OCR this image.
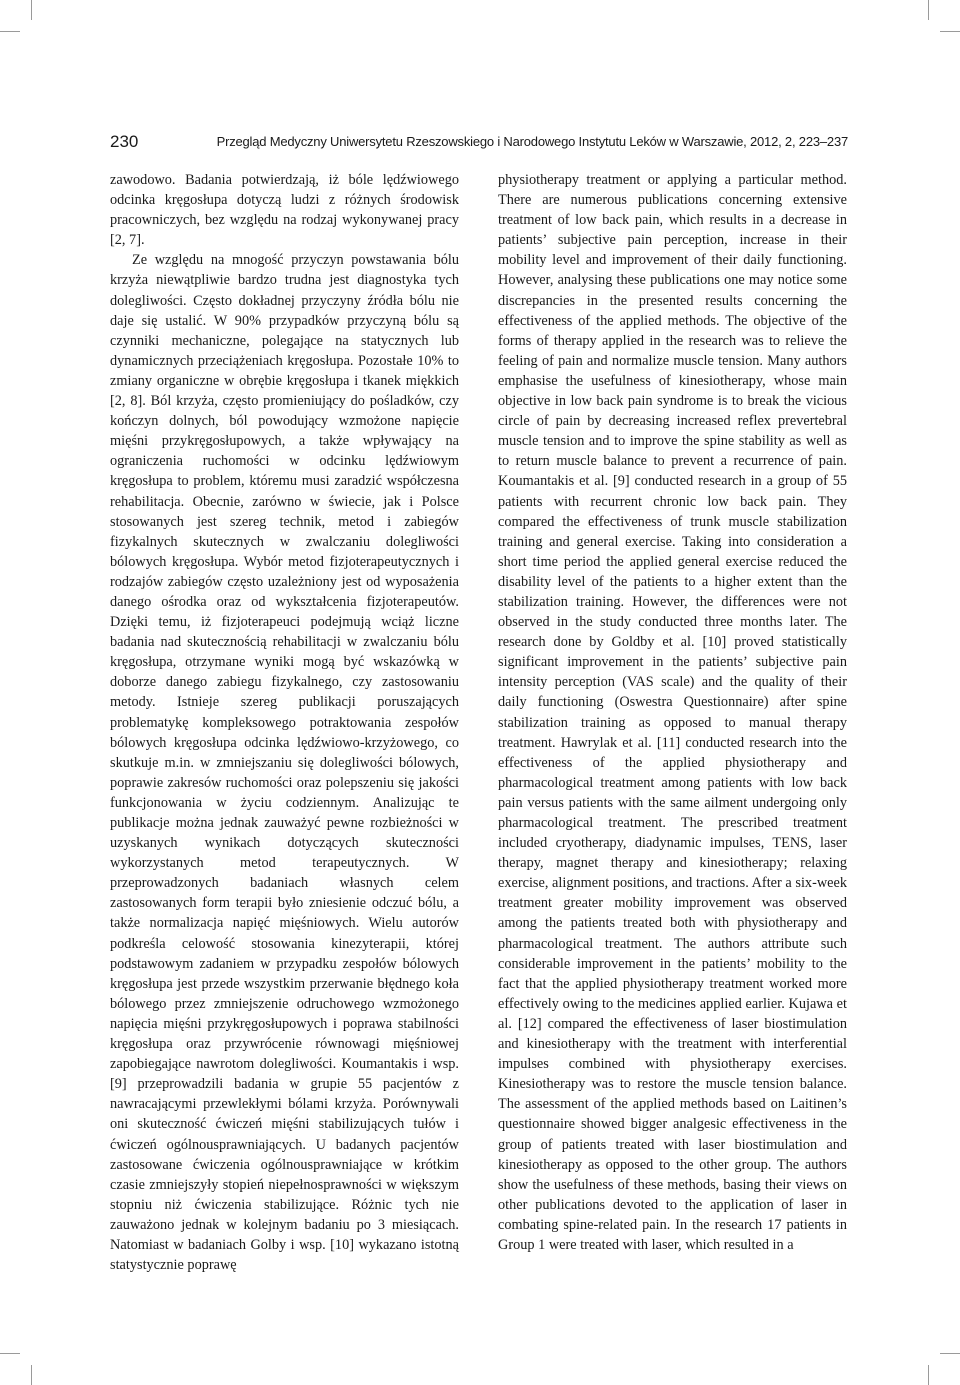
230	Przegląd Medyczny Uniwersytetu Rzeszowskiego i Narodowego Instytutu Leków w Warszawie, 2012, 2, 223–237

zawodowo. Badania potwierdzają, iż bóle lędźwiowego odcinka kręgosłupa dotyczą ludzi z różnych środowisk pracowniczych, bez względu na rodzaj wykonywanej pracy [2, 7].

Ze względu na mnogość przyczyn powstawania bólu krzyża niewątpliwie bardzo trudna jest diagnostyka tych dolegliwości. Często dokładnej przyczyny źródła bólu nie daje się ustalić. W 90% przypadków przyczyną bólu są czynniki mechaniczne, polegające na statycznych lub dynamicznych przeciążeniach kręgosłupa. Pozostałe 10% to zmiany organiczne w obrębie kręgosłupa i tkanek miękkich [2, 8]. Ból krzyża, często promieniujący do pośladków, czy kończyn dolnych, ból powodujący wzmożone napięcie mięśni przykręgosłupowych, a także wpływający na ograniczenia ruchomości w odcinku lędźwiowym kręgosłupa to problem, któremu musi zaradzić współczesna rehabilitacja. Obecnie, zarówno w świecie, jak i Polsce stosowanych jest szereg technik, metod i zabiegów fizykalnych skutecznych w zwalczaniu dolegliwości bólowych kręgosłupa. Wybór metod fizjoterapeutycznych i rodzajów zabiegów często uzależniony jest od wyposażenia danego ośrodka oraz od wykształcenia fizjoterapeutów. Dzięki temu, iż fizjoterapeuci podejmują wciąż liczne badania nad skutecznością rehabilitacji w zwalczaniu bólu kręgosłupa, otrzymane wyniki mogą być wskazówką w doborze danego zabiegu fizykalnego, czy zastosowaniu metody. Istnieje szereg publikacji poruszających problematykę kompleksowego potraktowania zespołów bólowych kręgosłupa odcinka lędźwiowo-krzyżowego, co skutkuje m.in. w zmniejszaniu się dolegliwości bólowych, poprawie zakresów ruchomości oraz polepszeniu się jakości funkcjonowania w życiu codziennym. Analizując te publikacje można jednak zauważyć pewne rozbieżności w uzyskanych wynikach dotyczących skuteczności wykorzystanych metod terapeutycznych. W przeprowadzonych badaniach własnych celem zastosowanych form terapii było zniesienie odczuć bólu, a także normalizacja napięć mięśniowych. Wielu autorów podkreśla celowość stosowania kinezyterapii, której podstawowym zadaniem w przypadku zespołów bólowych kręgosłupa jest przede wszystkim przerwanie błędnego koła bólowego przez zmniejszenie odruchowego wzmożonego napięcia mięśni przykręgosłupowych i poprawa stabilności kręgosłupa oraz przywrócenie równowagi mięśniowej zapobiegające nawrotom dolegliwości. Koumantakis i wsp.[9] przeprowadzili badania w grupie 55 pacjentów z nawracającymi przewlekłymi bólami krzyża. Porównywali oni skuteczność ćwiczeń mięśni stabilizujących tułów i ćwiczeń ogólnousprawniających. U badanych pacjentów zastosowane ćwiczenia ogólnousprawniające w krótkim czasie zmniejszyły stopień niepełnosprawności w większym stopniu niż ćwiczenia stabilizujące. Różnic tych nie zauważono jednak w kolejnym badaniu po 3 miesiącach. Natomiast w badaniach Golby i wsp. [10] wykazano istotną statystycznie poprawę

physiotherapy treatment or applying a particular method. There are numerous publications concerning extensive treatment of low back pain, which results in a decrease in patients’ subjective pain perception, increase in their mobility level and improvement of their daily functioning. However, analysing these publications one may notice some discrepancies in the presented results concerning the effectiveness of the applied methods. The objective of the forms of therapy applied in the research was to relieve the feeling of pain and normalize muscle tension. Many authors emphasise the usefulness of kinesiotherapy, whose main objective in low back pain syndrome is to break the vicious circle of pain by decreasing increased reflex prevertebral muscle tension and to improve the spine stability as well as to return muscle balance to prevent a recurrence of pain. Koumantakis et al. [9] conducted research in a group of 55 patients with recurrent chronic low back pain. They compared the effectiveness of trunk muscle stabilization training and general exercise. Taking into consideration a short time period the applied general exercise reduced the disability level of the patients to a higher extent than the stabilization training. However, the differences were not observed in the study conducted three months later. The research done by Goldby et al. [10] proved statistically significant improvement in the patients’ subjective pain intensity perception (VAS scale) and the quality of their daily functioning (Oswestra Questionnaire) after spine stabilization training as opposed to manual therapy treatment. Hawrylak et al. [11] conducted research into the effectiveness of the applied physiotherapy and pharmacological treatment among patients with low back pain versus patients with the same ailment undergoing only pharmacological treatment. The prescribed treatment included cryotherapy, diadynamic impulses, TENS, laser therapy, magnet therapy and kinesiotherapy; relaxing exercise, alignment positions, and tractions. After a six-week treatment greater mobility improvement was observed among the patients treated both with physiotherapy and pharmacological treatment. The authors attribute such considerable improvement in the patients’ mobility to the fact that the applied physiotherapy treatment worked more effectively owing to the medicines applied earlier. Kujawa et al. [12] compared the effectiveness of laser biostimulation and kinesiotherapy with the treatment with interferential impulses combined with physiotherapy exercises. Kinesiotherapy was to restore the muscle tension balance. The assessment of the applied methods based on Laitinen’s questionnaire showed bigger analgesic effectiveness in the group of patients treated with laser biostimulation and kinesiotherapy as opposed to the other group. The authors show the usefulness of these methods, basing their views on other publications devoted to the application of laser in combating spine-related pain. In the research 17 patients in Group 1 were treated with laser, which resulted in a
